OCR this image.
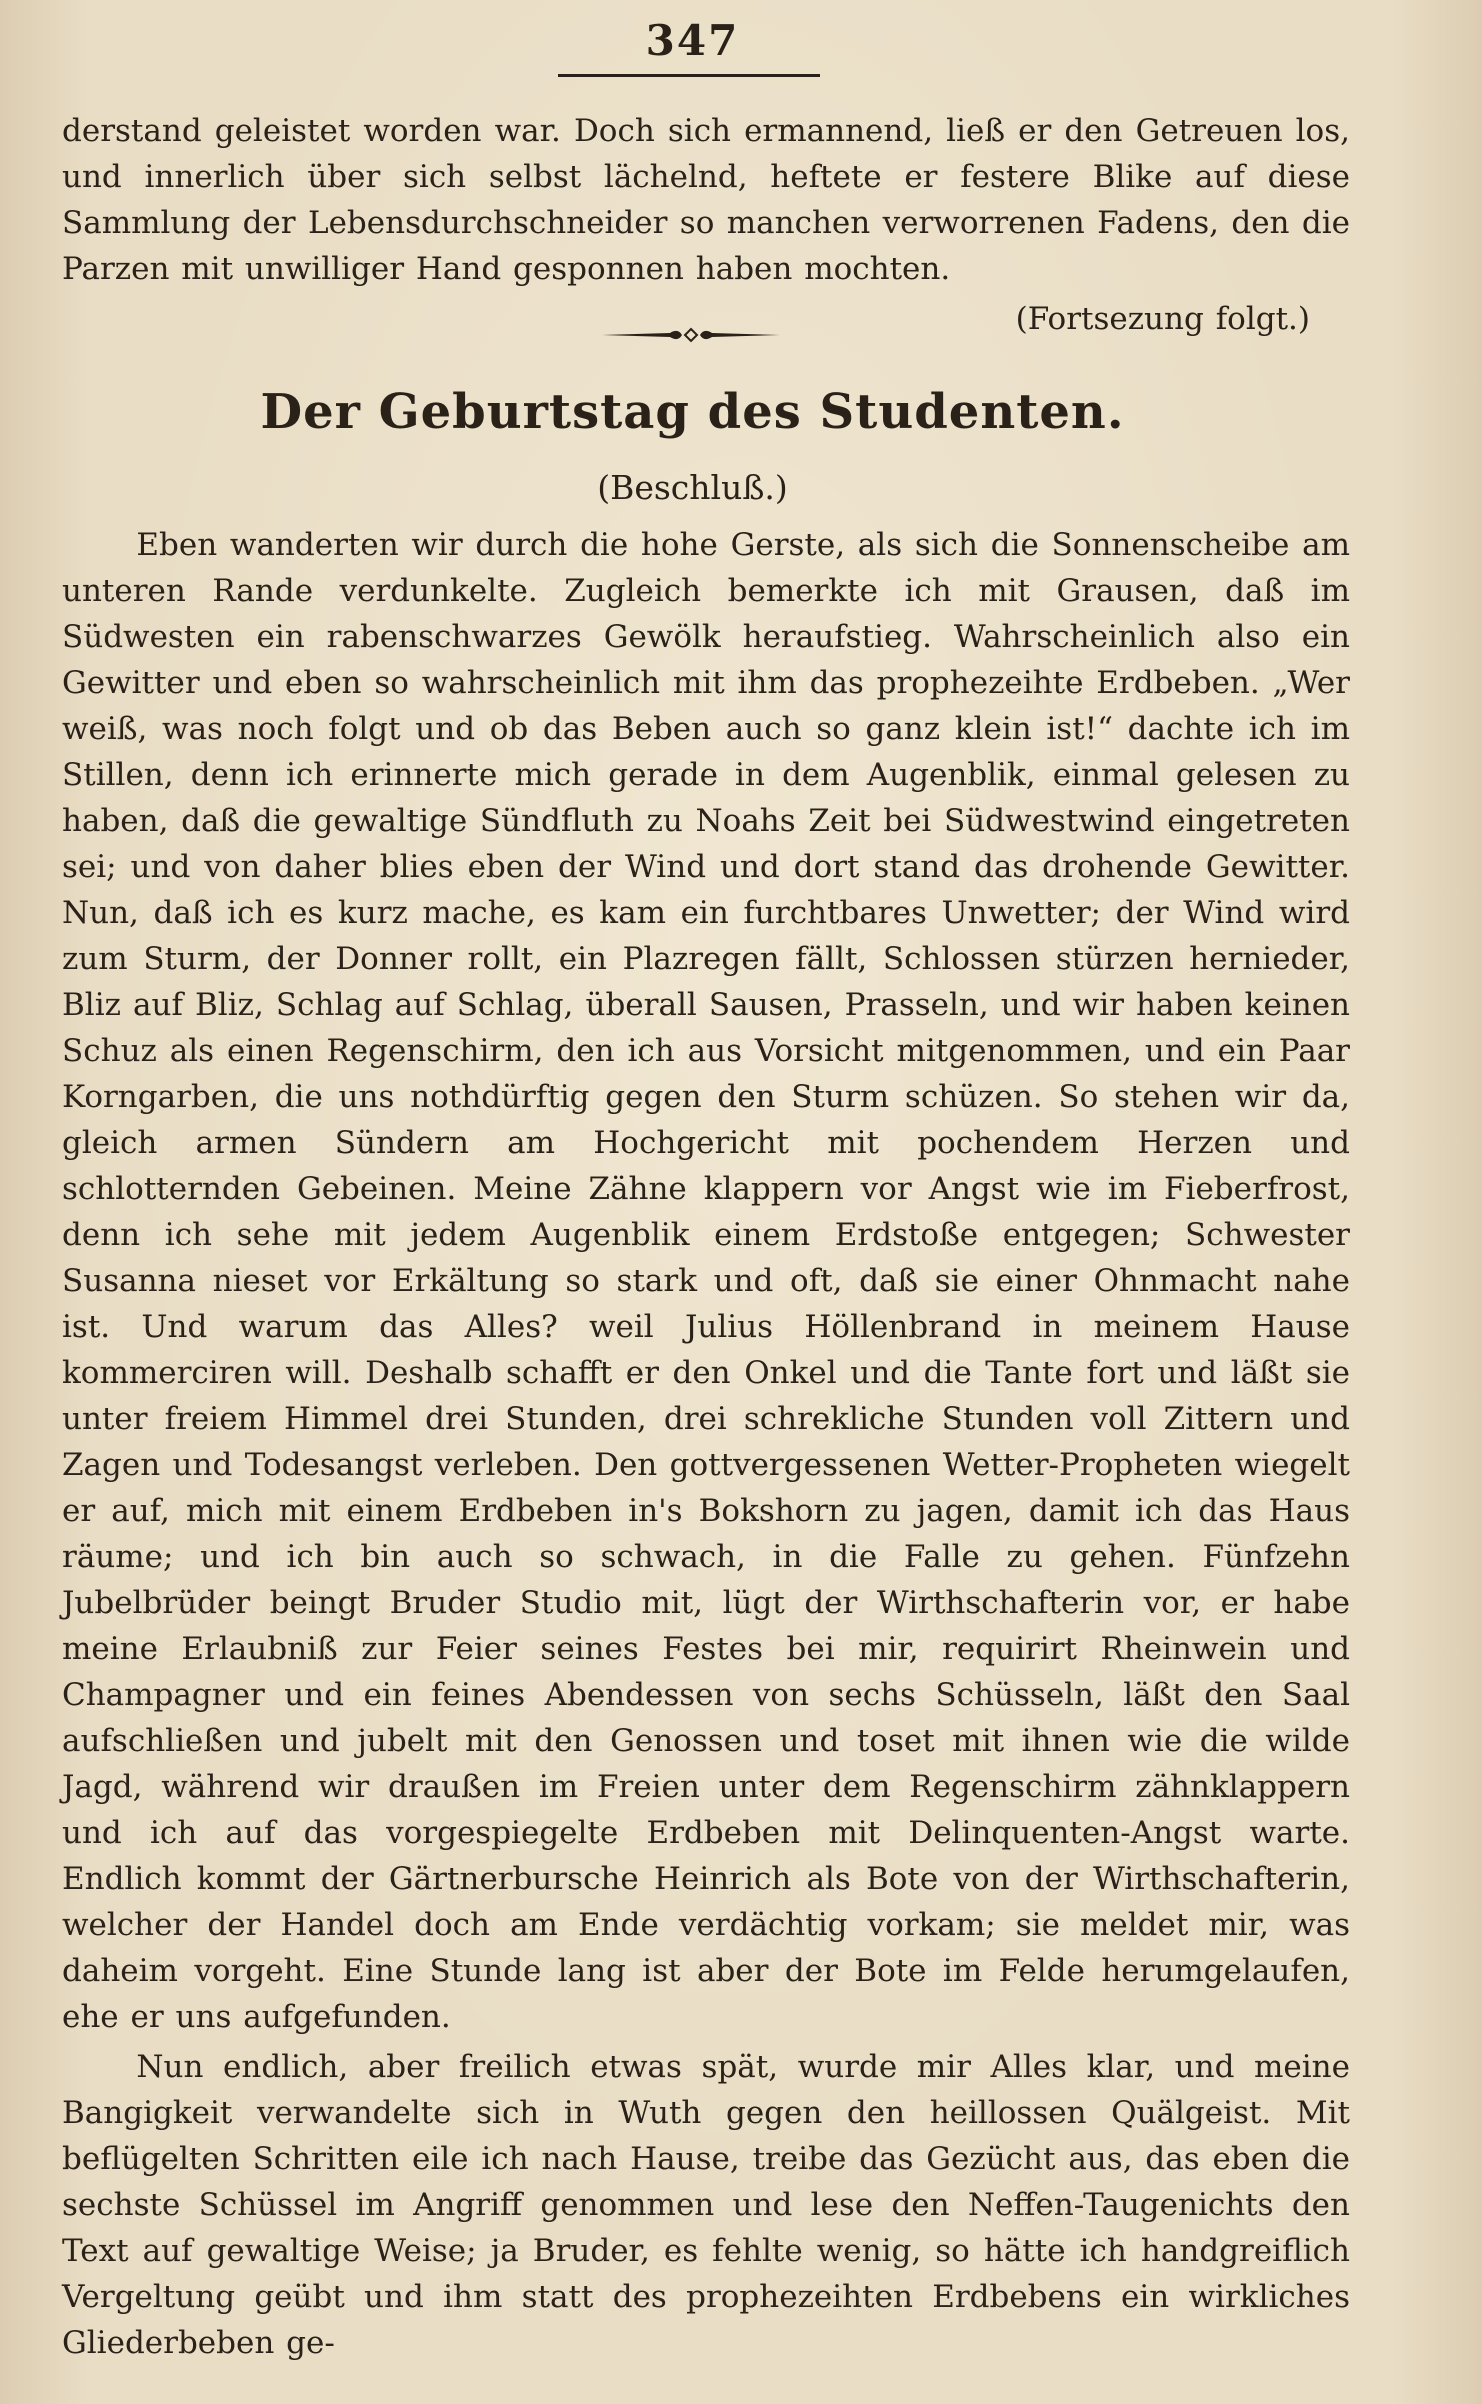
347

derstand geleistet worden war. Doch sich ermannend, ließ er den Getreuen los, und innerlich über sich selbst lächelnd, heftete er festere Blike auf diese Sammlung der Lebensdurchschneider so manchen verworrenen Fadens, den die Parzen mit unwilliger Hand gesponnen haben mochten.

(Fortsezung folgt.)

Der Geburtstag des Studenten.
(Beschluß.)

Eben wanderten wir durch die hohe Gerste, als sich die Sonnenscheibe am unteren Rande verdunkelte. Zugleich bemerkte ich mit Grausen, daß im Südwesten ein rabenschwarzes Gewölk heraufstieg. Wahrscheinlich also ein Gewitter und eben so wahrscheinlich mit ihm das prophezeihte Erdbeben. „Wer weiß, was noch folgt und ob das Beben auch so ganz klein ist!“ dachte ich im Stillen, denn ich erinnerte mich gerade in dem Augenblik, einmal gelesen zu haben, daß die gewaltige Sündfluth zu Noahs Zeit bei Südwestwind eingetreten sei; und von daher blies eben der Wind und dort stand das drohende Gewitter. Nun, daß ich es kurz mache, es kam ein furchtbares Unwetter; der Wind wird zum Sturm, der Donner rollt, ein Plazregen fällt, Schlossen stürzen hernieder, Bliz auf Bliz, Schlag auf Schlag, überall Sausen, Prasseln, und wir haben keinen Schuz als einen Regenschirm, den ich aus Vorsicht mitgenommen, und ein Paar Korngarben, die uns nothdürftig gegen den Sturm schüzen. So stehen wir da, gleich armen Sündern am Hochgericht mit pochendem Herzen und schlotternden Gebeinen. Meine Zähne klappern vor Angst wie im Fieberfrost, denn ich sehe mit jedem Augenblik einem Erdstoße entgegen; Schwester Susanna nieset vor Erkältung so stark und oft, daß sie einer Ohnmacht nahe ist. Und warum das Alles? weil Julius Höllenbrand in meinem Hause kommerciren will. Deshalb schafft er den Onkel und die Tante fort und läßt sie unter freiem Himmel drei Stunden, drei schrekliche Stunden voll Zittern und Zagen und Todesangst verleben. Den gottvergessenen Wetter-Propheten wiegelt er auf, mich mit einem Erdbeben in's Bokshorn zu jagen, damit ich das Haus räume; und ich bin auch so schwach, in die Falle zu gehen. Fünfzehn Jubelbrüder beingt Bruder Studio mit, lügt der Wirthschafterin vor, er habe meine Erlaubniß zur Feier seines Festes bei mir, requirirt Rheinwein und Champagner und ein feines Abendessen von sechs Schüsseln, läßt den Saal aufschließen und jubelt mit den Genossen und toset mit ihnen wie die wilde Jagd, während wir draußen im Freien unter dem Regenschirm zähnklappern und ich auf das vorgespiegelte Erdbeben mit Delinquenten-Angst warte. Endlich kommt der Gärtnerbursche Heinrich als Bote von der Wirthschafterin, welcher der Handel doch am Ende verdächtig vorkam; sie meldet mir, was daheim vorgeht. Eine Stunde lang ist aber der Bote im Felde herumgelaufen, ehe er uns aufgefunden.

Nun endlich, aber freilich etwas spät, wurde mir Alles klar, und meine Bangigkeit verwandelte sich in Wuth gegen den heillossen Quälgeist. Mit beflügelten Schritten eile ich nach Hause, treibe das Gezücht aus, das eben die sechste Schüssel im Angriff genommen und lese den Neffen-Taugenichts den Text auf gewaltige Weise; ja Bruder, es fehlte wenig, so hätte ich handgreiflich Vergeltung geübt und ihm statt des prophezeihten Erdbebens ein wirkliches Gliederbeben ge-
